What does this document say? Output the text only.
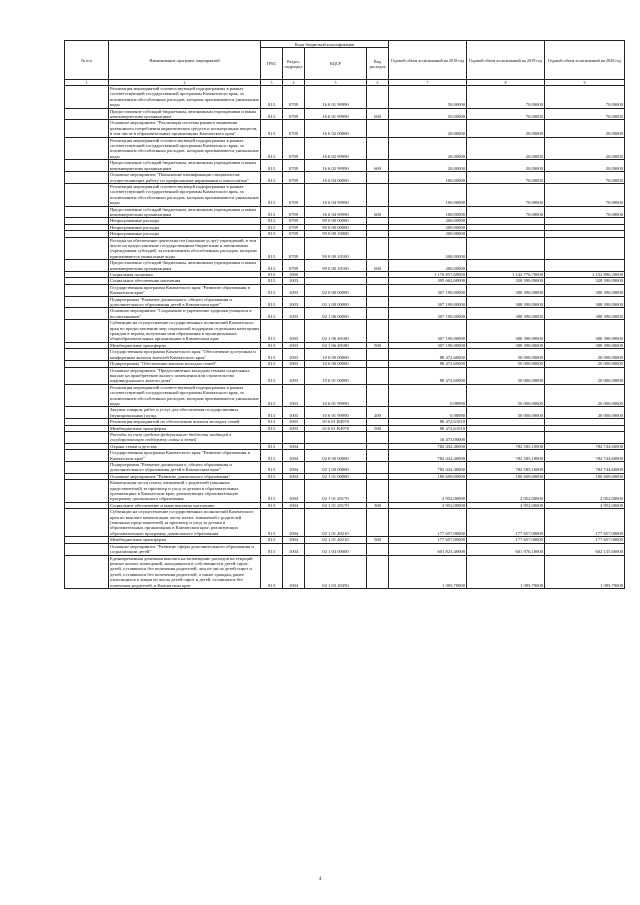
№ п/п	Наименование программ, мероприятий	Коды бюджетной классификации				Годовой объем ассигнований на 2018 год	Годовой объем ассигнований на 2019 год	Годовой объем ассигнований на 2020 год
		ГРБС	Раздел, подраздел	КЦСР	Вид расходов			
1	2	3	4	5	6	7	8	9
	Реализация мероприятий соответствующей подпрограммы в рамках соответствующей государственной программы Камчатского края, за исключением обособленных расходов, которым присваиваются уникальные коды	813	0709	16 6 01 99990		50,00000	70,00000	70,00000
	Предоставление субсидий бюджетным, автономным учреждениям и иным некоммерческим организациям	813	0709	16 6 01 99990	600	50,00000	70,00000	70,00000
	Основное мероприятие "Реализация системы раннего выявления незаконного потребления наркотических средств и психотропных веществ, в том числе в образовательных организациях Камчатского края"	813	0709	16 6 02 00000		20,00000	20,00000	20,00000
	Реализация мероприятий соответствующей подпрограммы в рамках соответствующей государственной программы Камчатского края, за исключением обособленных расходов, которым присваиваются уникальные коды	813	0709	16 6 02 99990		20,00000	20,00000	20,00000
	Предоставление субсидий бюджетным, автономным учреждениям и иным некоммерческим организациям	813	0709	16 6 02 99990	600	20,00000	20,00000	20,00000
	Основное мероприятие "Повышение квалификации специалистов, осуществляющих работу по профилактике наркомании и алкоголизма"	813	0709	16 6 04 00000		100,00000	70,00000	70,00000
	Реализация мероприятий соответствующей подпрограммы в рамках соответствующей государственной программы Камчатского края, за исключением обособленных расходов, которым присваиваются уникальные коды	813	0709	16 6 04 99990		100,00000	70,00000	70,00000
	Предоставление субсидий бюджетным, автономным учреждениям и иным некоммерческим организациям	813	0709	16 6 04 99990	600	100,00000	70,00000	70,00000
	Непрограммные расходы	813	0709	99 0 00 00000		200,00000		
	Непрограммные расходы	813	0709	99 0 00 00000		200,00000		
	Непрограммные расходы	813	0709	99 0 00 10000		200,00000		
	Расходы на обеспечение деятельности (оказание услуг) учреждений, в том числе на предоставление государственным бюджетным и автономным учреждениям субсидий, за исключением обособленных расходов, которым присваиваются уникальные коды	813	0709	99 0 00 10100		200,00000		
	Предоставление субсидий бюджетным, автономным учреждениям и иным некоммерческим организациям	813	0709	99 0 00 10100	600	200,00000		
	Социальная политика	813	1000			1 170 857,69000	1 142 776,70000	1 132 896,20000
	Социальное обеспечение населения	813	1003			395 662,60000	358 390,00000	328 390,00000
	Государственная программа Камчатского края "Развитие образования в Камчатском крае"	813	1003	02 0 00 00000		307 190,00000	308 390,00000	308 390,00000
	Подпрограмма "Развитие дошкольного, общего образования и дополнительного образования детей в Камчатском крае"	813	1003	02 1 00 00000		307 190,00000	308 390,00000	308 390,00000
	Основное мероприятие "Сохранение и укрепление здоровья учащихся и воспитанников"	813	1003	02 1 06 00000		307 190,00000	308 390,00000	308 390,00000
	Субвенции на осуществление государственных полномочий Камчатского края по предоставлению мер социальной поддержки отдельным категориям граждан в период получения ими образования в муниципальных общеобразовательных организациях в Камчатском крае	813	1003	02 1 06 40180		307 190,00000	308 390,00000	308 390,00000
	Межбюджетные трансферты	813	1003	02 1 06 40180	500	307 190,00000	308 390,00000	308 390,00000
	Государственная программа Камчатского края "Обеспечение доступным и комфортным жильем жителей Камчатского края"	813	1003	10 0 00 00000		88 472,60000	50 000,00000	20 000,00000
	Подпрограмма "Обеспечение жильем молодых семей"	813	1003	10 6 00 00000		88 472,60000	50 000,00000	20 000,00000
	Основное мероприятие "Предоставление молодым семьям социальных выплат на приобретение жилого помещения или строительство индивидуального жилого дома"	813	1003	10 6 01 00000		88 472,60000	50 000,00000	20 000,00000
	Реализация мероприятий соответствующей подпрограммы в рамках соответствующей государственной программы Камчатского края, за исключением обособленных расходов, которым присваиваются уникальные коды	813	1003	10 6 01 99990		0,98990	50 000,00000	20 000,00000
	Закупка товаров, работ и услуг для обеспечения государственных (муниципальных) нужд	813	1003	10 6 01 99990	200	0,98990	50 000,00000	20 000,00000
	Реализация мероприятий по обеспечению жильем молодых семей	813	1003	10 6 01 R4970		88 472,61010		
	Межбюджетные трансферты	813	1003	10 6 01 R4970	500	88 472,61010		
	Расходы за счет средств федерального бюджета входящей в государственную поддержку семьи и детей					16 473,00000		
	Охрана семьи и детства	813	1004			782 432,40000	782 585,10000	782 744,60000
	Государственная программа Камчатского края "Развитие образования в Камчатском крае"	813	1004	02 0 00 00000		782 432,40000	782 585,10000	782 744,60000
	Подпрограмма "Развитие дошкольного, общего образования и дополнительного образования детей в Камчатском крае"	813	1004	02 1 00 00000		782 432,40000	782 585,10000	782 744,60000
	Основное мероприятие "Развитие дошкольного образования"	813	1004	02 1 01 00000		180 609,00000	180 609,00000	180 609,00000
	Компенсация части платы, взимаемой с родителей (законных представителей) за присмотр и уход за детьми в образовательных организациях в Камчатском крае, реализующих образовательную программу дошкольного образования	813	1004	02 1 01 20170		2 952,00000	2 952,00000	2 952,00000
	Социальное обеспечение и иные выплаты населению	813	1004	02 1 01 20170	300	2 952,00000	2 952,00000	2 952,00000
	Субвенции на осуществление государственных полномочий Камчатского края по выплате компенсации части платы, взимаемой с родителей (законных представителей) за присмотр и уход за детьми в образовательных организациях в Камчатском крае, реализующих образовательную программу дошкольного образования	813	1004	02 1 01 40210		177 657,00000	177 657,00000	177 657,00000
	Межбюджетные трансферты	813	1004	02 1 01 40210	500	177 657,00000	177 657,00000	177 657,00000
	Основное мероприятие "Развитие сферы дополнительного образования и социализации детей"	813	1004	02 1 03 00000		601 823,40000	601 976,10000	602 135,60000
	Единовременная денежная выплата на возмещение расходов на текущий ремонт жилых помещений, находящихся в собственности детей-сирот, детей, оставшихся без попечения родителей, лиц из числа детей-сирот и детей, оставшихся без попечения родителей, а также граждан, ранее относящихся к лицам из числа детей-сирот и детей, оставшихся без попечения родителей, в Камчатском крае	813	1004	02 1 03 20450		1 395,70000	1 395,70000	1 395,70000
4
